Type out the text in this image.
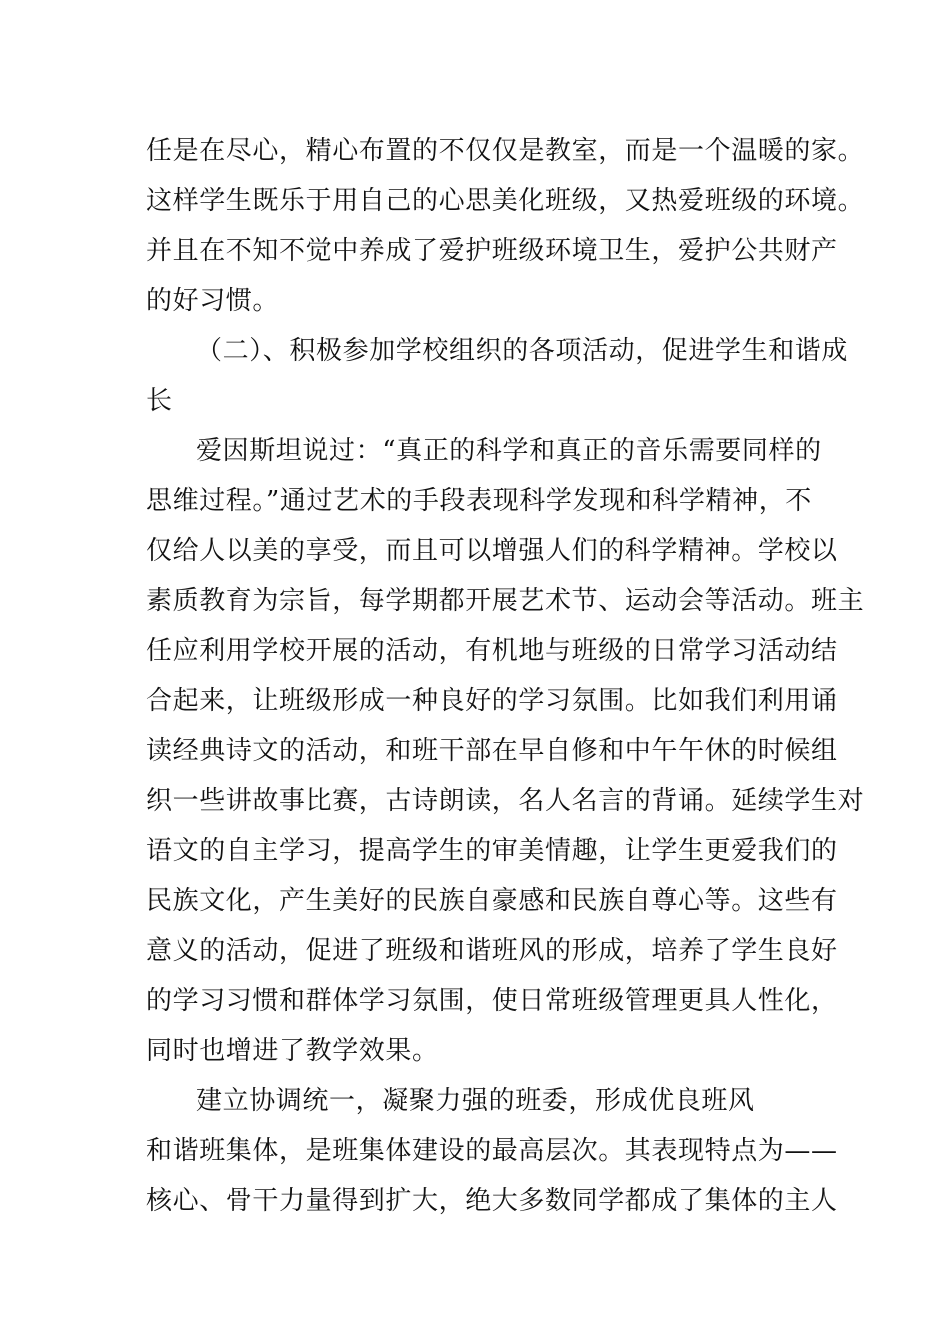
任是在尽心，精心布置的不仅仅是教室，而是一个温暖的家。
这样学生既乐于用自己的心思美化班级，又热爱班级的环境。
并且在不知不觉中养成了爱护班级环境卫生，爱护公共财产
的好习惯。
（二）、积极参加学校组织的各项活动，促进学生和谐成
长
爱因斯坦说过：“真正的科学和真正的音乐需要同样的
思维过程。”通过艺术的手段表现科学发现和科学精神，不
仅给人以美的享受，而且可以增强人们的科学精神。学校以
素质教育为宗旨，每学期都开展艺术节、运动会等活动。班主
任应利用学校开展的活动，有机地与班级的日常学习活动结
合起来，让班级形成一种良好的学习氛围。比如我们利用诵
读经典诗文的活动，和班干部在早自修和中午午休的时候组
织一些讲故事比赛，古诗朗读，名人名言的背诵。延续学生对
语文的自主学习，提高学生的审美情趣，让学生更爱我们的
民族文化，产生美好的民族自豪感和民族自尊心等。这些有
意义的活动，促进了班级和谐班风的形成，培养了学生良好
的学习习惯和群体学习氛围，使日常班级管理更具人性化，
同时也增进了教学效果。
建立协调统一，凝聚力强的班委，形成优良班风
和谐班集体，是班集体建设的最高层次。其表现特点为——
核心、骨干力量得到扩大，绝大多数同学都成了集体的主人
